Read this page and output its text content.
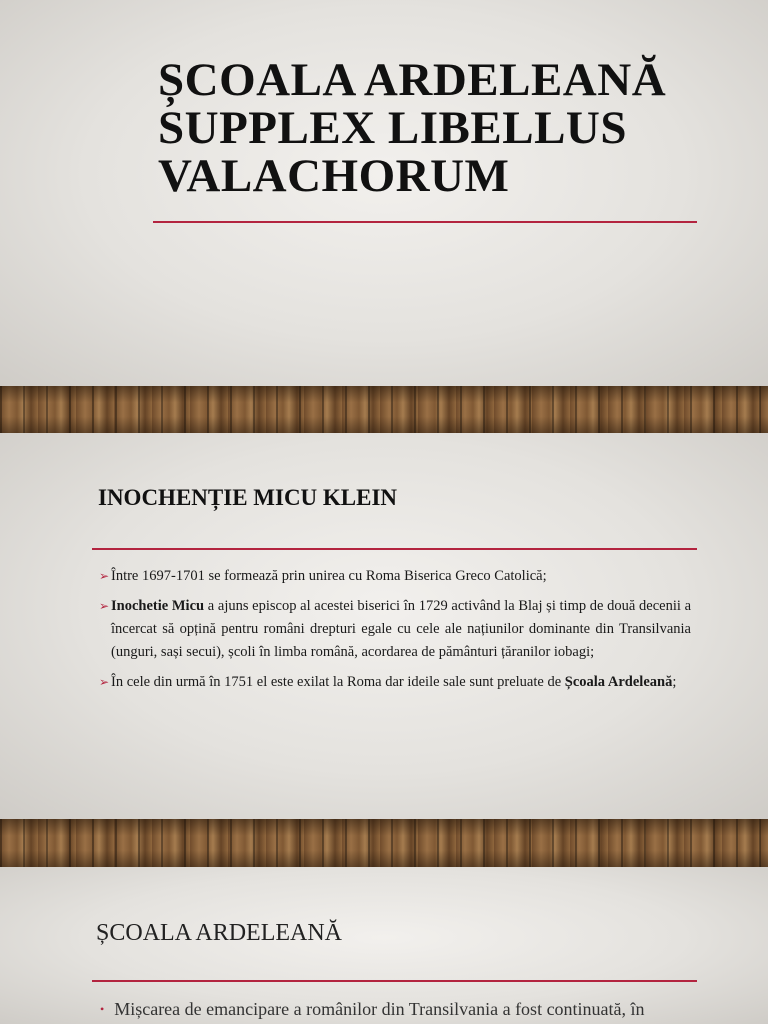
ȘCOALA ARDELEANĂ
SUPPLEX LIBELLUS
VALACHORUM
INOCHENȚIE MICU KLEIN
➢ Între 1697-1701 se formează prin unirea cu Roma Biserica Greco Catolică;
➢ Inochetie Micu a ajuns episcop al acestei biserici în 1729 activând la Blaj și timp de două decenii a încercat să opțină pentru români drepturi egale cu cele ale națiunilor dominante din Transilvania (unguri, sași secui), școli în limba română, acordarea de pământuri țăranilor iobagi;
➢ În cele din urmă în 1751 el este exilat la Roma dar ideile sale sunt preluate de Școala Ardeleană;
ȘCOALA ARDELEANĂ
• Mișcarea de emancipare a românilor din Transilvania a fost continuată, în
